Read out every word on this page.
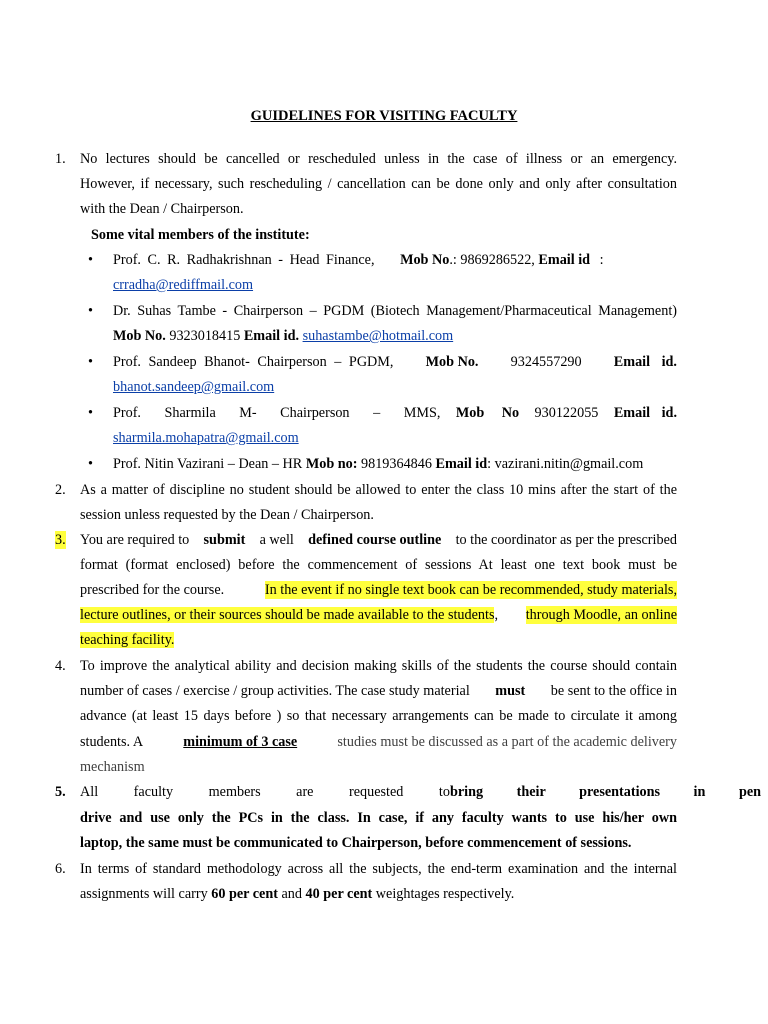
GUIDELINES FOR VISITING FACULTY
1. No lectures should be cancelled or rescheduled unless in the case of illness or an emergency.
However, if necessary, such rescheduling / cancellation can be done only and only after consultation
with the Dean / Chairperson.
Some vital members of the institute:
• Prof. C. R. Radhakrishnan - Head Finance, Mob No.: 9869286522, Email id :
crradha@rediffmail.com
• Dr. Suhas Tambe - Chairperson – PGDM (Biotech Management/Pharmaceutical Management)
Mob No. 9323018415 Email id. suhastambe@hotmail.com
• Prof. Sandeep Bhanot- Chairperson – PGDM, Mob No. 9324557290 Email id.
bhanot.sandeep@gmail.com
• Prof. Sharmila M- Chairperson – MMS, Mob No 930122055 Email id.
sharmila.mohapatra@gmail.com
• Prof. Nitin Vazirani – Dean – HR Mob no: 9819364846 Email id: vazirani.nitin@gmail.com
2. As a matter of discipline no student should be allowed to enter the class 10 mins after the start of the
session unless requested by the Dean / Chairperson.
3. You are required to submit a well defined course outline to the coordinator as per the prescribed
format (format enclosed) before the commencement of sessions At least one text book must be
prescribed for the course.	In the event if no single text book can be recommended, study materials,
lecture outlines, or their sources should be made available to the students, through Moodle, an online
teaching facility.
4. To improve the analytical ability and decision making skills of the students the course should contain
number of cases / exercise / group activities. The case study material must be sent to the office in
advance (at least 15 days before ) so that necessary arrangements can be made to circulate it among
students. A	minimum of 3 case	studies must be discussed as a part of the academic delivery
mechanism
5. All faculty members are requested to bring their presentations in pen
drive and use only the PCs in the class. In case, if any faculty wants to use his/her own
laptop, the same must be communicated to Chairperson, before commencement of sessions.
6. In terms of standard methodology across all the subjects, the end-term examination and the internal
assignments will carry 60 per cent and 40 per cent weightages respectively.
